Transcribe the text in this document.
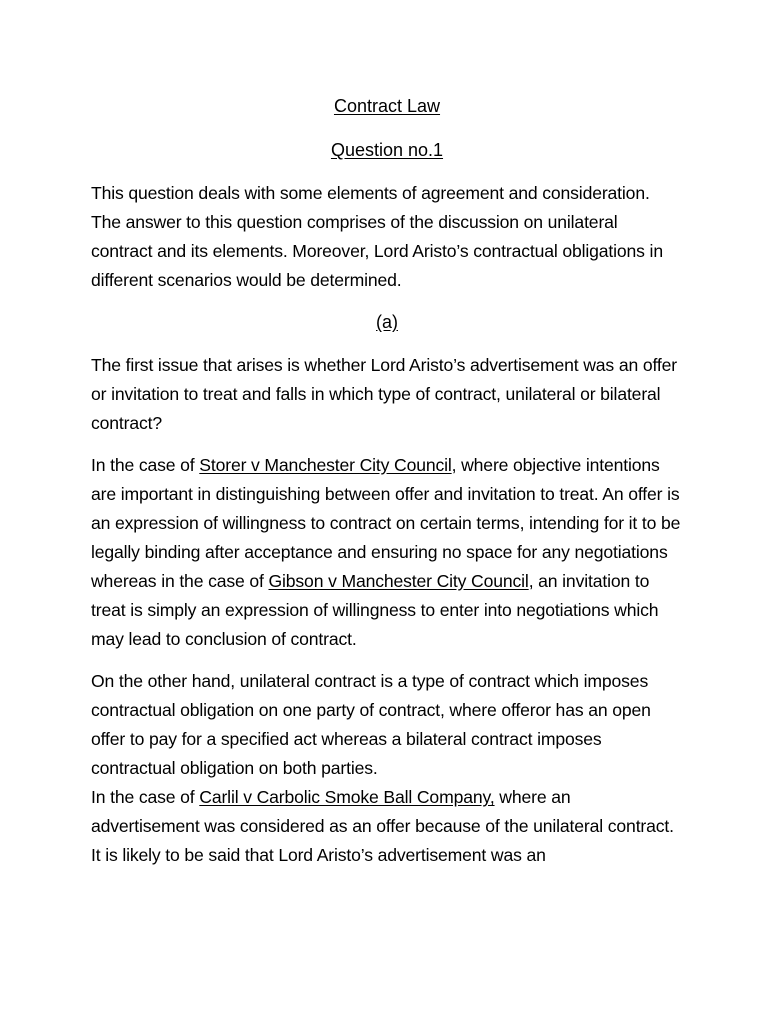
Contract Law

Question no.1

This question deals with some elements of agreement and consideration. The answer to this question comprises of the discussion on unilateral contract and its elements. Moreover, Lord Aristo’s contractual obligations in different scenarios would be determined.

(a)

The first issue that arises is whether Lord Aristo’s advertisement was an offer or invitation to treat and falls in which type of contract, unilateral or bilateral contract?

In the case of Storer v Manchester City Council, where objective intentions are important in distinguishing between offer and invitation to treat. An offer is an expression of willingness to contract on certain terms, intending for it to be legally binding after acceptance and ensuring no space for any negotiations whereas in the case of Gibson v Manchester City Council, an invitation to treat is simply an expression of willingness to enter into negotiations which may lead to conclusion of contract.

On the other hand, unilateral contract is a type of contract which imposes contractual obligation on one party of contract, where offeror has an open offer to pay for a specified act whereas a bilateral contract imposes contractual obligation on both parties.

In the case of Carlil v Carbolic Smoke Ball Company, where an advertisement was considered as an offer because of the unilateral contract. It is likely to be said that Lord Aristo’s advertisement was an
